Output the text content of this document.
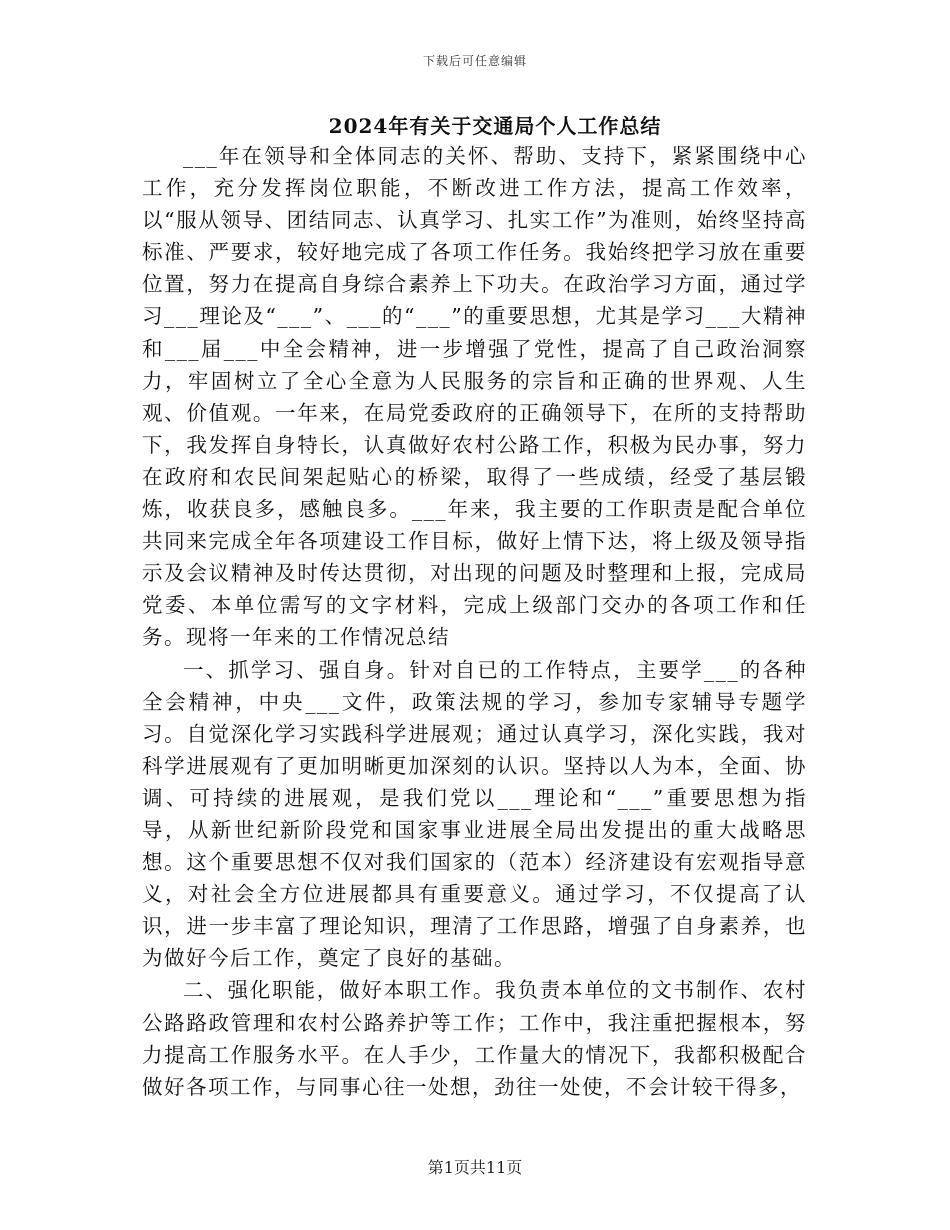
下载后可任意编辑
2024年有关于交通局个人工作总结

___年在领导和全体同志的关怀、帮助、支持下，紧紧围绕中心工作，充分发挥岗位职能，不断改进工作方法，提高工作效率，以“服从领导、团结同志、认真学习、扎实工作”为准则，始终坚持高标准、严要求，较好地完成了各项工作任务。我始终把学习放在重要位置，努力在提高自身综合素养上下功夫。在政治学习方面，通过学习___理论及“___”、___的“___”的重要思想，尤其是学习___大精神和___届___中全会精神，进一步增强了党性，提高了自己政治洞察力，牢固树立了全心全意为人民服务的宗旨和正确的世界观、人生观、价值观。一年来，在局党委政府的正确领导下，在所的支持帮助下，我发挥自身特长，认真做好农村公路工作，积极为民办事，努力在政府和农民间架起贴心的桥梁，取得了一些成绩，经受了基层锻炼，收获良多，感触良多。___年来，我主要的工作职责是配合单位共同来完成全年各项建设工作目标，做好上情下达，将上级及领导指示及会议精神及时传达贯彻，对出现的问题及时整理和上报，完成局党委、本单位需写的文字材料，完成上级部门交办的各项工作和任务。现将一年来的工作情况总结

一、抓学习、强自身。针对自已的工作特点，主要学___的各种全会精神，中央___文件，政策法规的学习，参加专家辅导专题学习。自觉深化学习实践科学进展观；通过认真学习，深化实践，我对科学进展观有了更加明晰更加深刻的认识。坚持以人为本，全面、协调、可持续的进展观，是我们党以___理论和“___”重要思想为指导，从新世纪新阶段党和国家事业进展全局出发提出的重大战略思想。这个重要思想不仅对我们国家的（范本）经济建设有宏观指导意义，对社会全方位进展都具有重要意义。通过学习，不仅提高了认识，进一步丰富了理论知识，理清了工作思路，增强了自身素养，也为做好今后工作，奠定了良好的基础。

二、强化职能，做好本职工作。我负责本单位的文书制作、农村公路路政管理和农村公路养护等工作；工作中，我注重把握根本，努力提高工作服务水平。在人手少，工作量大的情况下，我都积极配合做好各项工作，与同事心往一处想，劲往一处使，不会计较干得多，

第1页共11页
